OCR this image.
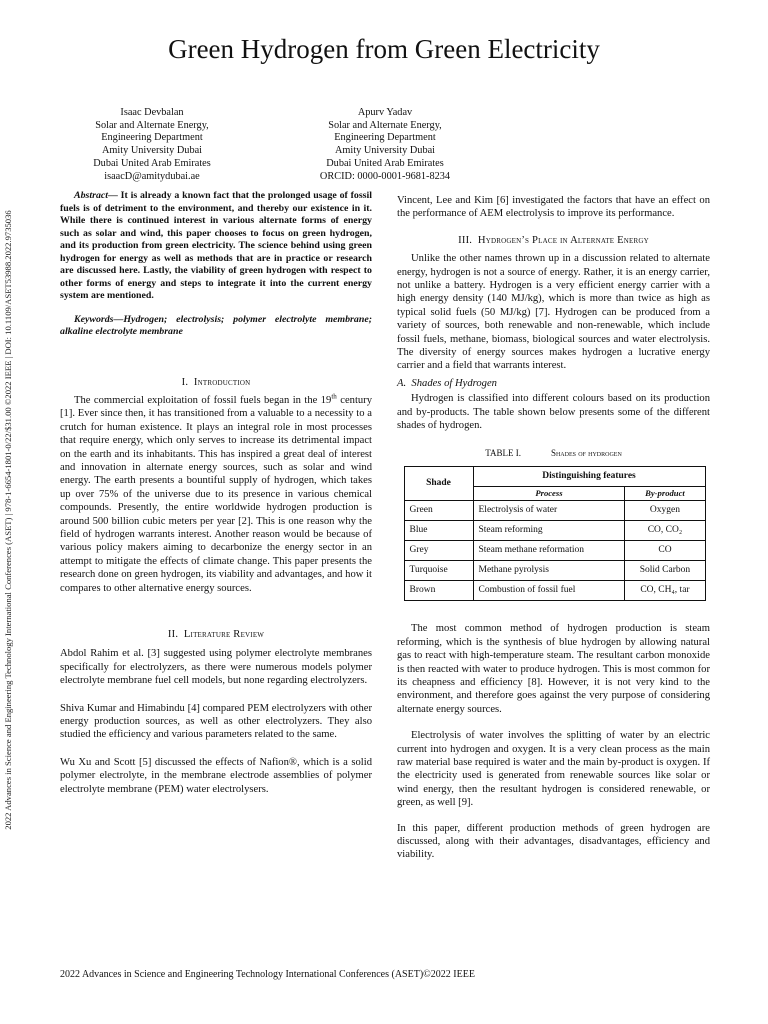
2022 Advances in Science and Engineering Technology International Conferences (ASET) | 978-1-6654-1801-0/22/$31.00 ©2022 IEEE | DOI: 10.1109/ASET53988.2022.9735036
Green Hydrogen from Green Electricity
Isaac Devbalan
Solar and Alternate Energy,
Engineering Department
Amity University Dubai
Dubai United Arab Emirates
isaacD@amitydubai.ae
Apurv Yadav
Solar and Alternate Energy,
Engineering Department
Amity University Dubai
Dubai United Arab Emirates
ORCID: 0000-0001-9681-8234

Abstract— It is already a known fact that the prolonged usage of fossil fuels is of detriment to the environment, and thereby our existence in it. While there is continued interest in various alternate forms of energy such as solar and wind, this paper chooses to focus on green hydrogen, and its production from green electricity. The science behind using green hydrogen for energy as well as methods that are in practice or research are discussed here. Lastly, the viability of green hydrogen with respect to other forms of energy and steps to integrate it into the current energy system are mentioned.

Keywords—Hydrogen; electrolysis; polymer electrolyte membrane; alkaline electrolyte membrane

I. Introduction

The commercial exploitation of fossil fuels began in the 19th century [1]. Ever since then, it has transitioned from a valuable to a necessity to a crutch for human existence. It plays an integral role in most processes that require energy, which only serves to increase its detrimental impact on the earth and its inhabitants. This has inspired a great deal of interest and innovation in alternate energy sources, such as solar and wind energy. The earth presents a bountiful supply of hydrogen, which takes up over 75% of the universe due to its presence in various chemical compounds. Presently, the entire worldwide hydrogen production is around 500 billion cubic meters per year [2]. This is one reason why the field of hydrogen warrants interest. Another reason would be because of various policy makers aiming to decarbonize the energy sector in an attempt to mitigate the effects of climate change. This paper presents the research done on green hydrogen, its viability and advantages, and how it compares to other alternative energy sources.

II. Literature Review

Abdol Rahim et al. [3] suggested using polymer electrolyte membranes specifically for electrolyzers, as there were numerous models polymer electrolyte membrane fuel cell models, but none regarding electrolyzers.

Shiva Kumar and Himabindu [4] compared PEM electrolyzers with other energy production sources, as well as other electrolyzers. They also studied the efficiency and various parameters related to the same.

Wu Xu and Scott [5] discussed the effects of Nafion®, which is a solid polymer electrolyte, in the membrane electrode assemblies of polymer electrolyte membrane (PEM) water electrolysers.

Vincent, Lee and Kim [6] investigated the factors that have an effect on the performance of AEM electrolysis to improve its performance.

III. Hydrogen’s Place in Alternate Energy

Unlike the other names thrown up in a discussion related to alternate energy, hydrogen is not a source of energy. Rather, it is an energy carrier, not unlike a battery. Hydrogen is a very efficient energy carrier with a high energy density (140 MJ/kg), which is more than twice as high as typical solid fuels (50 MJ/kg) [7]. Hydrogen can be produced from a variety of sources, both renewable and non-renewable, which include fossil fuels, methane, biomass, biological sources and water electrolysis. The diversity of energy sources makes hydrogen a lucrative energy carrier and a field that warrants interest.

A. Shades of Hydrogen

Hydrogen is classified into different colours based on its production and by-products. The table shown below presents some of the different shades of hydrogen.

TABLE I.	Shades of hydrogen

Shade	Distinguishing features	
	Process	By-product
Green	Electrolysis of water	Oxygen
Blue	Steam reforming	CO, CO₂
Grey	Steam methane reformation	CO
Turquoise	Methane pyrolysis	Solid Carbon
Brown	Combustion of fossil fuel	CO, CH₄, tar

The most common method of hydrogen production is steam reforming, which is the synthesis of blue hydrogen by allowing natural gas to react with high-temperature steam. The resultant carbon monoxide is then reacted with water to produce hydrogen. This is most common for its cheapness and efficiency [8]. However, it is not very kind to the environment, and therefore goes against the very purpose of considering alternate energy sources.

Electrolysis of water involves the splitting of water by an electric current into hydrogen and oxygen. It is a very clean process as the main raw material base required is water and the main by-product is oxygen. If the electricity used is generated from renewable sources like solar or wind energy, then the resultant hydrogen is considered renewable, or green, as well [9].

In this paper, different production methods of green hydrogen are discussed, along with their advantages, disadvantages, efficiency and viability.

2022 Advances in Science and Engineering Technology International Conferences (ASET)©2022 IEEE
